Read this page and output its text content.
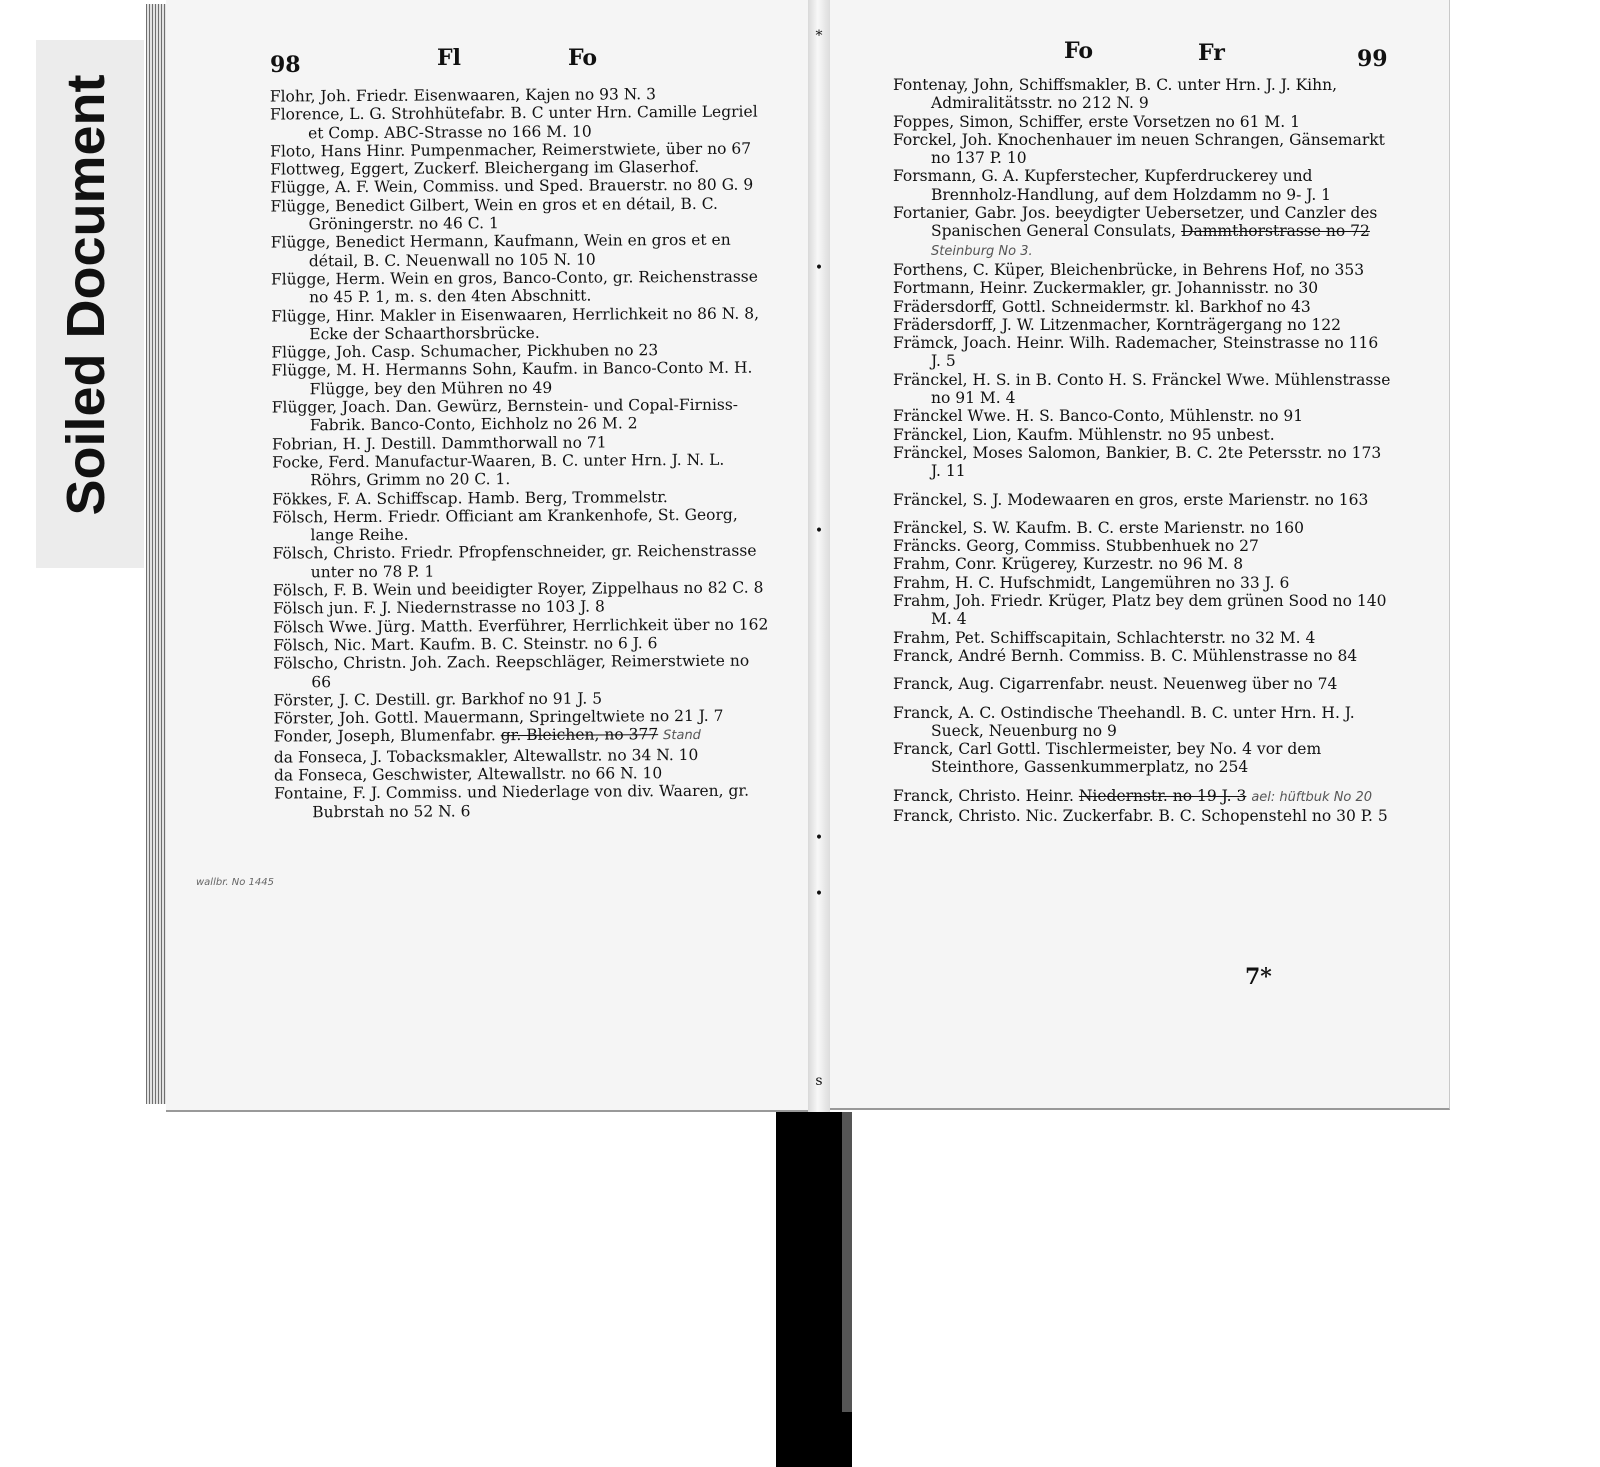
Soiled Document
*
•
•
•
•
s
98	Fl	Fo
Flohr, Joh. Friedr. Eisenwaaren, Kajen no 93 N. 3
Florence, L. G. Strohhütefabr. B. C unter Hrn. Camille Legriel et Comp. ABC-Strasse no 166 M. 10
Floto, Hans Hinr. Pumpenmacher, Reimerstwiete, über no 67
Flottweg, Eggert, Zuckerf. Bleichergang im Glaserhof.
Flügge, A. F. Wein, Commiss. und Sped. Brauerstr. no 80 G. 9
Flügge, Benedict Gilbert, Wein en gros et en détail, B. C. Gröningerstr. no 46 C. 1
Flügge, Benedict Hermann, Kaufmann, Wein en gros et en détail, B. C. Neuenwall no 105 N. 10
Flügge, Herm. Wein en gros, Banco-Conto, gr. Reichenstrasse no 45 P. 1, m. s. den 4ten Abschnitt.
Flügge, Hinr. Makler in Eisenwaaren, Herrlichkeit no 86 N. 8, Ecke der Schaarthorsbrücke.
Flügge, Joh. Casp. Schumacher, Pickhuben no 23
Flügge, M. H. Hermanns Sohn, Kaufm. in Banco-Conto M. H. Flügge, bey den Mühren no 49
Flügger, Joach. Dan. Gewürz, Bernstein- und Copal-Firniss-Fabrik. Banco-Conto, Eichholz no 26 M. 2
Fobrian, H. J. Destill. Dammthorwall no 71
Focke, Ferd. Manufactur-Waaren, B. C. unter Hrn. J. N. L. Röhrs, Grimm no 20 C. 1.
Fökkes, F. A. Schiffscap. Hamb. Berg, Trommelstr.
Fölsch, Herm. Friedr. Officiant am Krankenhofe, St. Georg, lange Reihe.
Fölsch, Christo. Friedr. Pfropfenschneider, gr. Reichenstrasse unter no 78 P. 1
Fölsch, F. B. Wein und beeidigter Royer, Zippelhaus no 82 C. 8
Fölsch jun. F. J. Niedernstrasse no 103 J. 8
Fölsch Wwe. Jürg. Matth. Everführer, Herrlichkeit über no 162
Fölsch, Nic. Mart. Kaufm. B. C. Steinstr. no 6 J. 6
Fölscho, Christn. Joh. Zach. Reepschläger, Reimerstwiete no 66
Förster, J. C. Destill. gr. Barkhof no 91 J. 5
Förster, Joh. Gottl. Mauermann, Springeltwiete no 21 J. 7
Fonder, Joseph, Blumenfabr. gr. Bleichen, no 377 Stand
da Fonseca, J. Tobacksmakler, Altewallstr. no 34 N. 10
da Fonseca, Geschwister, Altewallstr. no 66 N. 10
Fontaine, F. J. Commiss. und Niederlage von div. Waaren, gr. Bubrstah no 52 N. 6
wallbr. No 1445
Fo	Fr	99
Fontenay, John, Schiffsmakler, B. C. unter Hrn. J. J. Kihn, Admiralitätsstr. no 212 N. 9
Foppes, Simon, Schiffer, erste Vorsetzen no 61 M. 1
Forckel, Joh. Knochenhauer im neuen Schrangen, Gänsemarkt no 137 P. 10
Forsmann, G. A. Kupferstecher, Kupferdruckerey und Brennholz-Handlung, auf dem Holzdamm no 9- J. 1
Fortanier, Gabr. Jos. beeydigter Uebersetzer, und Canzler des Spanischen General Consulats, Dammthorstrasse no 72 Steinburg No 3.
Forthens, C. Küper, Bleichenbrücke, in Behrens Hof, no 353
Fortmann, Heinr. Zuckermakler, gr. Johannisstr. no 30
Frädersdorff, Gottl. Schneidermstr. kl. Barkhof no 43
Frädersdorff, J. W. Litzenmacher, Kornträgergang no 122
Främck, Joach. Heinr. Wilh. Rademacher, Steinstrasse no 116 J. 5
Fränckel, H. S. in B. Conto H. S. Fränckel Wwe. Mühlenstrasse no 91 M. 4
Fränckel Wwe. H. S. Banco-Conto, Mühlenstr. no 91
Fränckel, Lion, Kaufm. Mühlenstr. no 95 unbest.
Fränckel, Moses Salomon, Bankier, B. C. 2te Petersstr. no 173 J. 11
Fränckel, S. J. Modewaaren en gros, erste Marienstr. no 163
Fränckel, S. W. Kaufm. B. C. erste Marienstr. no 160
Fräncks. Georg, Commiss. Stubbenhuek no 27
Frahm, Conr. Krügerey, Kurzestr. no 96 M. 8
Frahm, H. C. Hufschmidt, Langemühren no 33 J. 6
Frahm, Joh. Friedr. Krüger, Platz bey dem grünen Sood no 140 M. 4
Frahm, Pet. Schiffscapitain, Schlachterstr. no 32 M. 4
Franck, André Bernh. Commiss. B. C. Mühlenstrasse no 84
Franck, Aug. Cigarrenfabr. neust. Neuenweg über no 74
Franck, A. C. Ostindische Theehandl. B. C. unter Hrn. H. J. Sueck, Neuenburg no 9
Franck, Carl Gottl. Tischlermeister, bey No. 4 vor dem Steinthore, Gassenkummerplatz, no 254
Franck, Christo. Heinr. Niedernstr. no 19 J. 3 ael: hüftbuk No 20
Franck, Christo. Nic. Zuckerfabr. B. C. Schopenstehl no 30 P. 5
7*
